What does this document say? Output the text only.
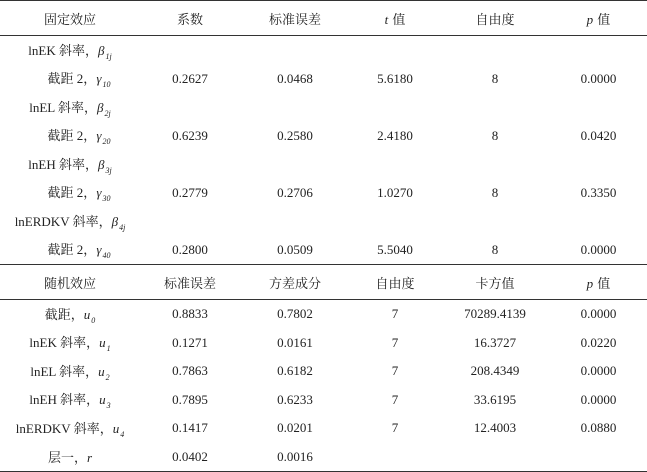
固定效应	系数	标准误差	t 值	自由度	p 值
lnEK 斜率，$\beta_{1j}$					
截距 2，$\gamma_{10}$	0.2627	0.0468	5.6180	8	0.0000
lnEL 斜率，$\beta_{2j}$					
截距 2，$\gamma_{20}$	0.6239	0.2580	2.4180	8	0.0420
lnEH 斜率，$\beta_{3j}$					
截距 2，$\gamma_{30}$	0.2779	0.2706	1.0270	8	0.3350
lnERDKV 斜率，$\beta_{4j}$					
截距 2，$\gamma_{40}$	0.2800	0.0509	5.5040	8	0.0000
随机效应	标准误差	方差成分	自由度	卡方值	p 值
截距，$u_0$	0.8833	0.7802	7	70289.4139	0.0000
lnEK 斜率，$u_1$	0.1271	0.0161	7	16.3727	0.0220
lnEL 斜率，$u_2$	0.7863	0.6182	7	208.4349	0.0000
lnEH 斜率，$u_3$	0.7895	0.6233	7	33.6195	0.0000
lnERDKV 斜率，$u_4$	0.1417	0.0201	7	12.4003	0.0880
层一，r	0.0402	0.0016			
